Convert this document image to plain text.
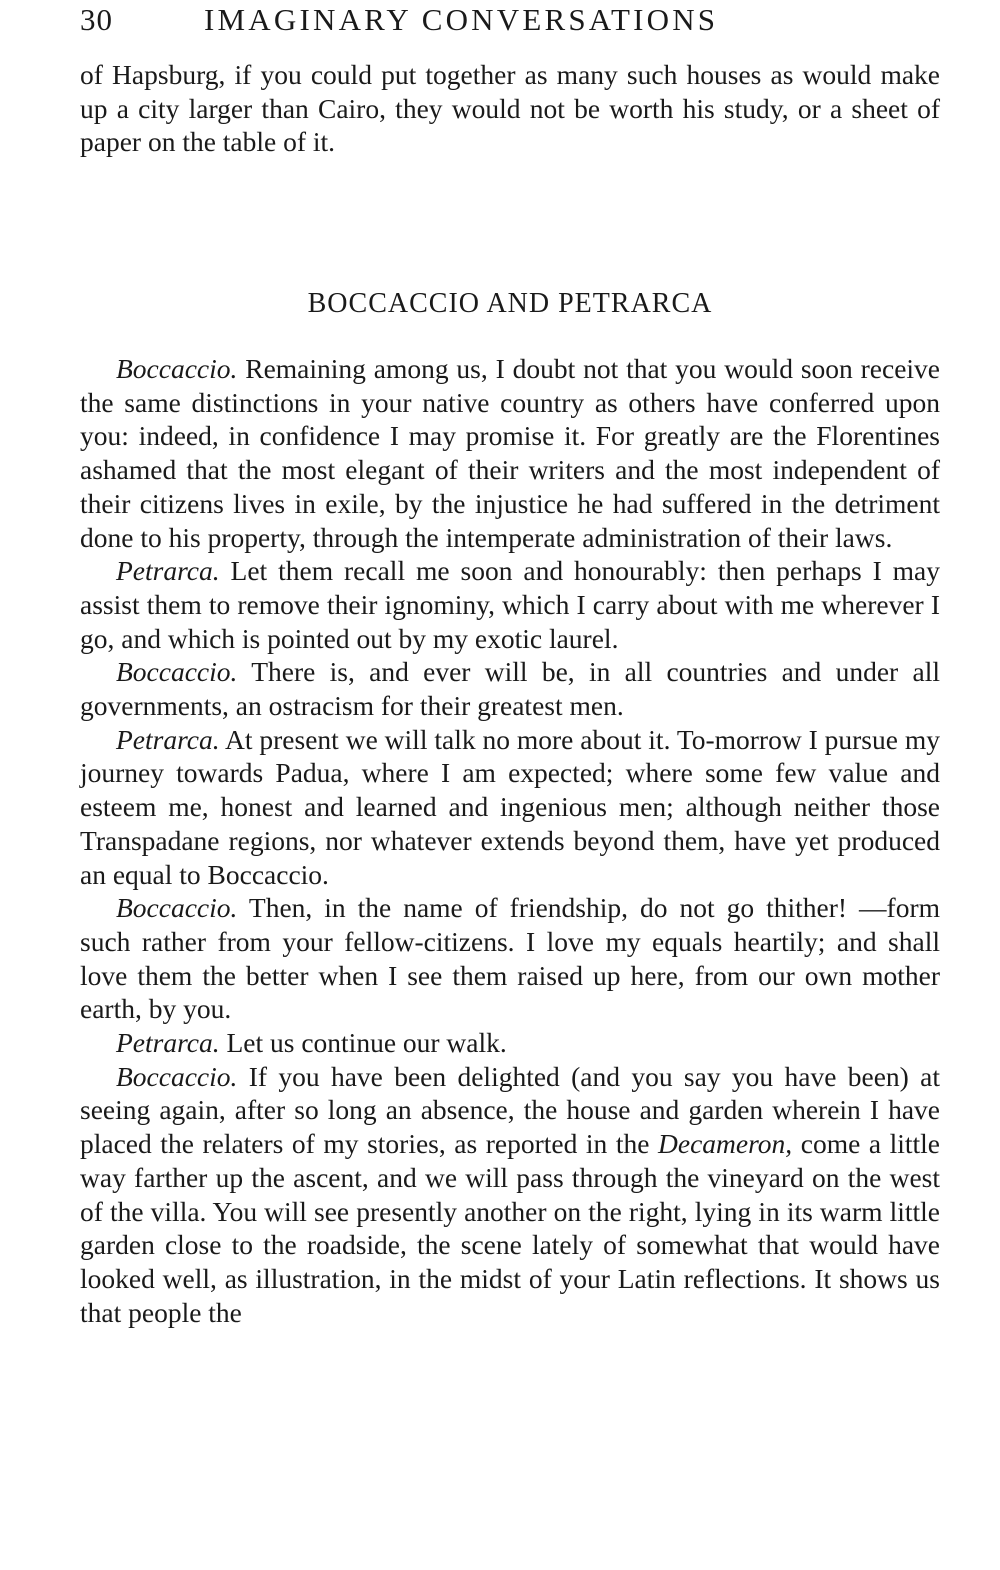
30	IMAGINARY CONVERSATIONS

of Hapsburg, if you could put together as many such houses as would make up a city larger than Cairo, they would not be worth his study, or a sheet of paper on the table of it.

BOCCACCIO AND PETRARCA

Boccaccio. Remaining among us, I doubt not that you would soon receive the same distinctions in your native country as others have conferred upon you: indeed, in confidence I may promise it. For greatly are the Florentines ashamed that the most elegant of their writers and the most independent of their citizens lives in exile, by the injustice he had suffered in the detriment done to his property, through the intemperate administration of their laws.

Petrarca. Let them recall me soon and honourably: then perhaps I may assist them to remove their ignominy, which I carry about with me wherever I go, and which is pointed out by my exotic laurel.

Boccaccio. There is, and ever will be, in all countries and under all governments, an ostracism for their greatest men.

Petrarca. At present we will talk no more about it. To-morrow I pursue my journey towards Padua, where I am expected; where some few value and esteem me, honest and learned and ingenious men; although neither those Transpadane regions, nor whatever extends beyond them, have yet produced an equal to Boccaccio.

Boccaccio. Then, in the name of friendship, do not go thither! —form such rather from your fellow-citizens. I love my equals heartily; and shall love them the better when I see them raised up here, from our own mother earth, by you.

Petrarca. Let us continue our walk.

Boccaccio. If you have been delighted (and you say you have been) at seeing again, after so long an absence, the house and garden wherein I have placed the relaters of my stories, as reported in the Decameron, come a little way farther up the ascent, and we will pass through the vineyard on the west of the villa. You will see presently another on the right, lying in its warm little garden close to the roadside, the scene lately of somewhat that would have looked well, as illustration, in the midst of your Latin reflections. It shows us that people the
